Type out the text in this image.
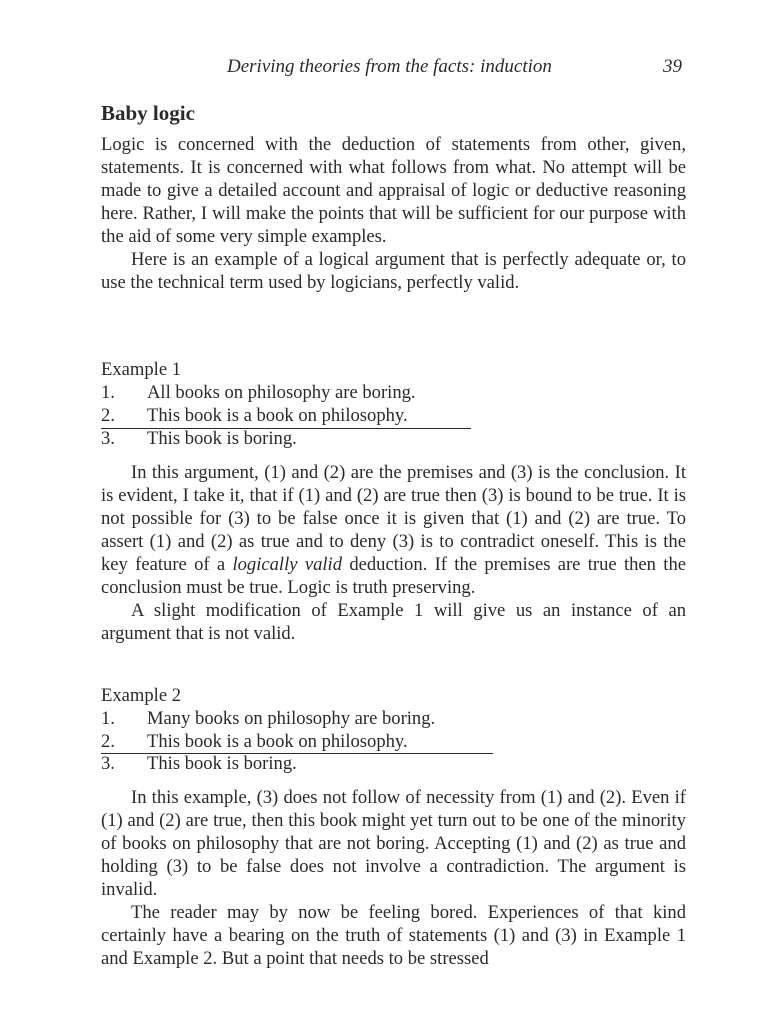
Deriving theories from the facts: induction	39
Baby logic

Logic is concerned with the deduction of statements from other, given, statements. It is concerned with what follows from what. No attempt will be made to give a detailed account and appraisal of logic or deductive reasoning here. Rather, I will make the points that will be sufficient for our purpose with the aid of some very simple examples.

Here is an example of a logical argument that is perfectly adequate or, to use the technical term used by logicians, perfectly valid.

Example 1

1. All books on philosophy are boring.
2. This book is a book on philosophy.
3. This book is boring.

In this argument, (1) and (2) are the premises and (3) is the conclusion. It is evident, I take it, that if (1) and (2) are true then (3) is bound to be true. It is not possible for (3) to be false once it is given that (1) and (2) are true. To assert (1) and (2) as true and to deny (3) is to contradict oneself. This is the key feature of a logically valid deduction. If the premises are true then the conclusion must be true. Logic is truth preserving.

A slight modification of Example 1 will give us an instance of an argument that is not valid.

Example 2

1. Many books on philosophy are boring.
2. This book is a book on philosophy.
3. This book is boring.

In this example, (3) does not follow of necessity from (1) and (2). Even if (1) and (2) are true, then this book might yet turn out to be one of the minority of books on philosophy that are not boring. Accepting (1) and (2) as true and holding (3) to be false does not involve a contradiction. The argument is invalid.

The reader may by now be feeling bored. Experiences of that kind certainly have a bearing on the truth of statements (1) and (3) in Example 1 and Example 2. But a point that needs to be stressed
